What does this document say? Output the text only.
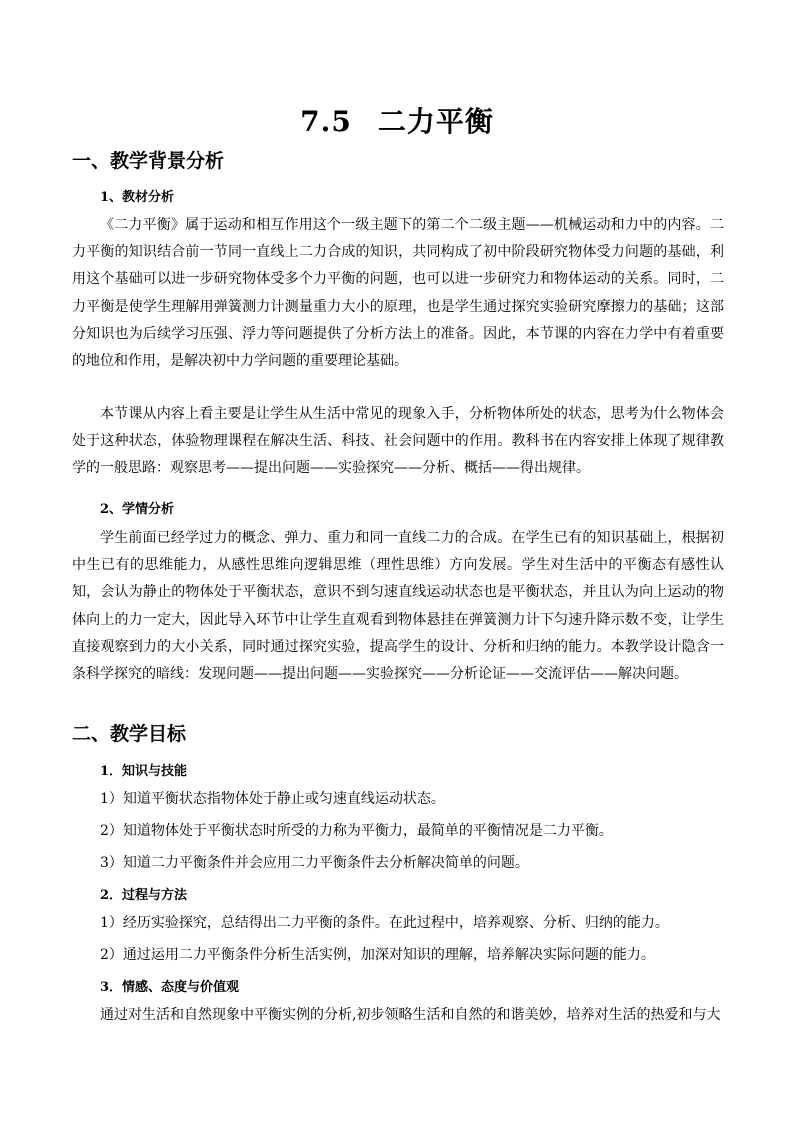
7.5 二力平衡
一、教学背景分析
1、教材分析
《二力平衡》属于运动和相互作用这个一级主题下的第二个二级主题——机械运动和力中的内容。二力平衡的知识结合前一节同一直线上二力合成的知识，共同构成了初中阶段研究物体受力问题的基础，利用这个基础可以进一步研究物体受多个力平衡的问题，也可以进一步研究力和物体运动的关系。同时，二力平衡是使学生理解用弹簧测力计测量重力大小的原理，也是学生通过探究实验研究摩擦力的基础；这部分知识也为后续学习压强、浮力等问题提供了分析方法上的准备。因此，本节课的内容在力学中有着重要的地位和作用，是解决初中力学问题的重要理论基础。
本节课从内容上看主要是让学生从生活中常见的现象入手，分析物体所处的状态，思考为什么物体会处于这种状态，体验物理课程在解决生活、科技、社会问题中的作用。教科书在内容安排上体现了规律教学的一般思路：观察思考——提出问题——实验探究——分析、概括——得出规律。
2、学情分析
学生前面已经学过力的概念、弹力、重力和同一直线二力的合成。在学生已有的知识基础上，根据初中生已有的思维能力，从感性思维向逻辑思维（理性思维）方向发展。学生对生活中的平衡态有感性认知，会认为静止的物体处于平衡状态，意识不到匀速直线运动状态也是平衡状态，并且认为向上运动的物体向上的力一定大，因此导入环节中让学生直观看到物体悬挂在弹簧测力计下匀速升降示数不变，让学生直接观察到力的大小关系，同时通过探究实验，提高学生的设计、分析和归纳的能力。本教学设计隐含一条科学探究的暗线：发现问题——提出问题——实验探究——分析论证——交流评估——解决问题。
二、教学目标
1．知识与技能
1）知道平衡状态指物体处于静止或匀速直线运动状态。
2）知道物体处于平衡状态时所受的力称为平衡力，最简单的平衡情况是二力平衡。
3）知道二力平衡条件并会应用二力平衡条件去分析解决简单的问题。
2．过程与方法
1）经历实验探究，总结得出二力平衡的条件。在此过程中，培养观察、分析、归纳的能力。
2）通过运用二力平衡条件分析生活实例，加深对知识的理解，培养解决实际问题的能力。
3．情感、态度与价值观
通过对生活和自然现象中平衡实例的分析,初步领略生活和自然的和谐美妙，培养对生活的热爱和与大
